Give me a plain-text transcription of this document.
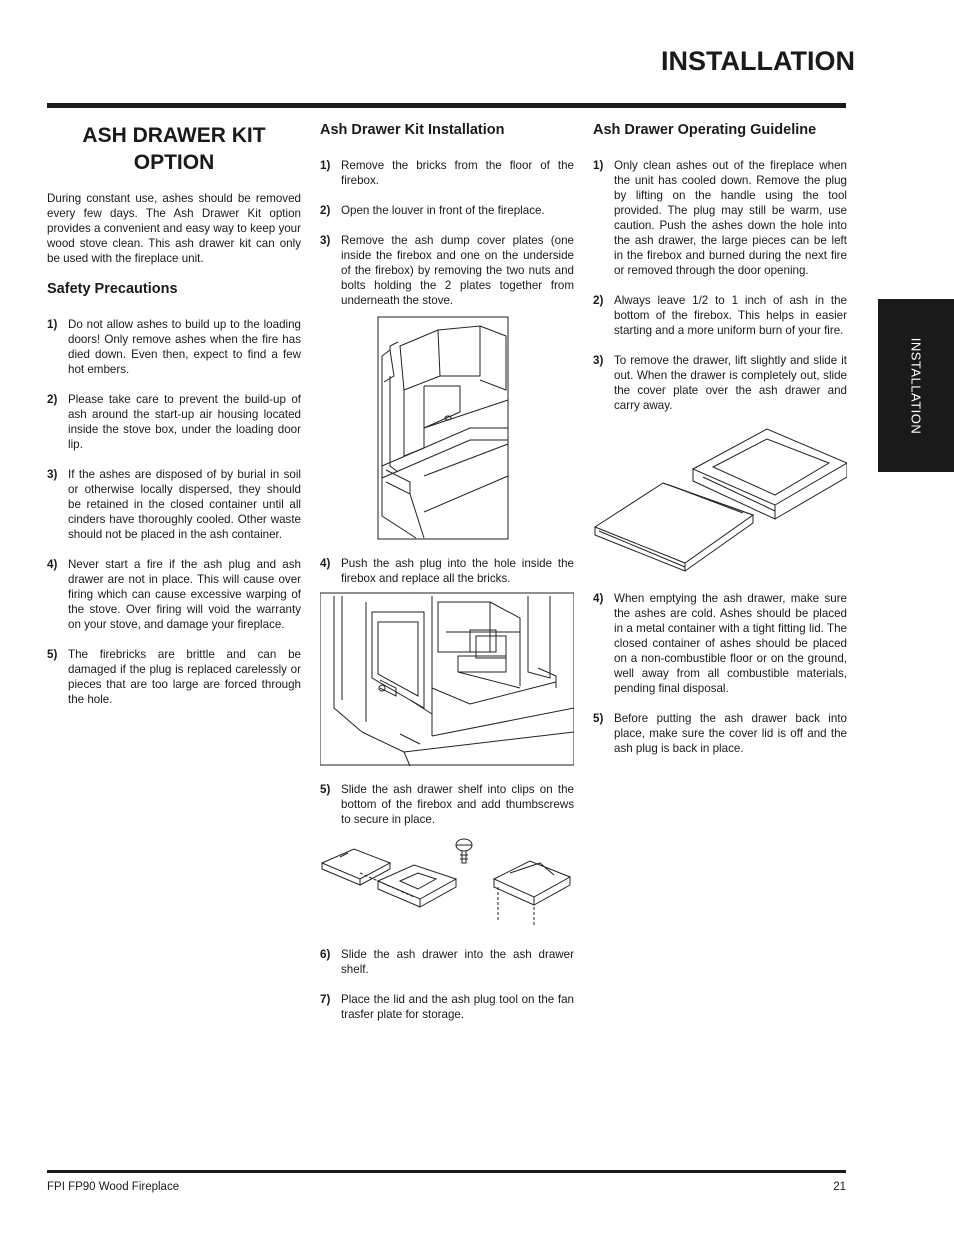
INSTALLATION
INSTALLATION
ASH DRAWER KIT OPTION

During constant use, ashes should be removed every few days. The Ash Drawer Kit option provides a convenient and easy way to keep your wood stove clean. This ash drawer kit can only be used with the fireplace unit.

Safety Precautions
1) Do not allow ashes to build up to the loading doors! Only remove ashes when the fire has died down. Even then, expect to find a few hot embers.
2) Please take care to prevent the build-up of ash around the start-up air housing located inside the stove box, under the loading door lip.
3) If the ashes are disposed of by burial in soil or otherwise locally dispersed, they should be retained in the closed container until all cinders have thoroughly cooled. Other waste should not be placed in the ash container.
4) Never start a fire if the ash plug and ash drawer are not in place. This will cause over firing which can cause excessive warping of the stove. Over firing will void the warranty on your stove, and damage your fireplace.
5) The firebricks are brittle and can be damaged if the plug is replaced carelessly or pieces that are too large are forced through the hole.
Ash Drawer Kit Installation
1) Remove the bricks from the floor of the firebox.
2) Open the louver in front of the fireplace.
3) Remove the ash dump cover plates (one inside the firebox and one on the underside of the firebox) by removing the two nuts and bolts holding the 2 plates together from underneath the stove.
4) Push the ash plug into the hole inside the firebox and replace all the bricks.
5) Slide the ash drawer shelf into clips on the bottom of the firebox and add thumbscrews to secure in place.
6) Slide the ash drawer into the ash drawer shelf.
7) Place the lid and the ash plug tool on the fan trasfer plate for storage.
Ash Drawer Operating Guideline
1) Only clean ashes out of the fireplace when the unit has cooled down. Remove the plug by lifting on the handle using the tool provided. The plug may still be warm, use caution. Push the ashes down the hole into the ash drawer, the large pieces can be left in the firebox and burned during the next fire or removed through the door opening.
2) Always leave 1/2 to 1 inch of ash in the bottom of the firebox. This helps in easier starting and a more uniform burn of your fire.
3) To remove the drawer, lift slightly and slide it out. When the drawer is completely out, slide the cover plate over the ash drawer and carry away.
4) When emptying the ash drawer, make sure the ashes are cold. Ashes should be placed in a metal container with a tight fitting lid. The closed container of ashes should be placed on a non-combustible floor or on the ground, well away from all combustible materials, pending final disposal.
5) Before putting the ash drawer back into place, make sure the cover lid is off and the ash plug is back in place.
FPI FP90 Wood Fireplace	21
